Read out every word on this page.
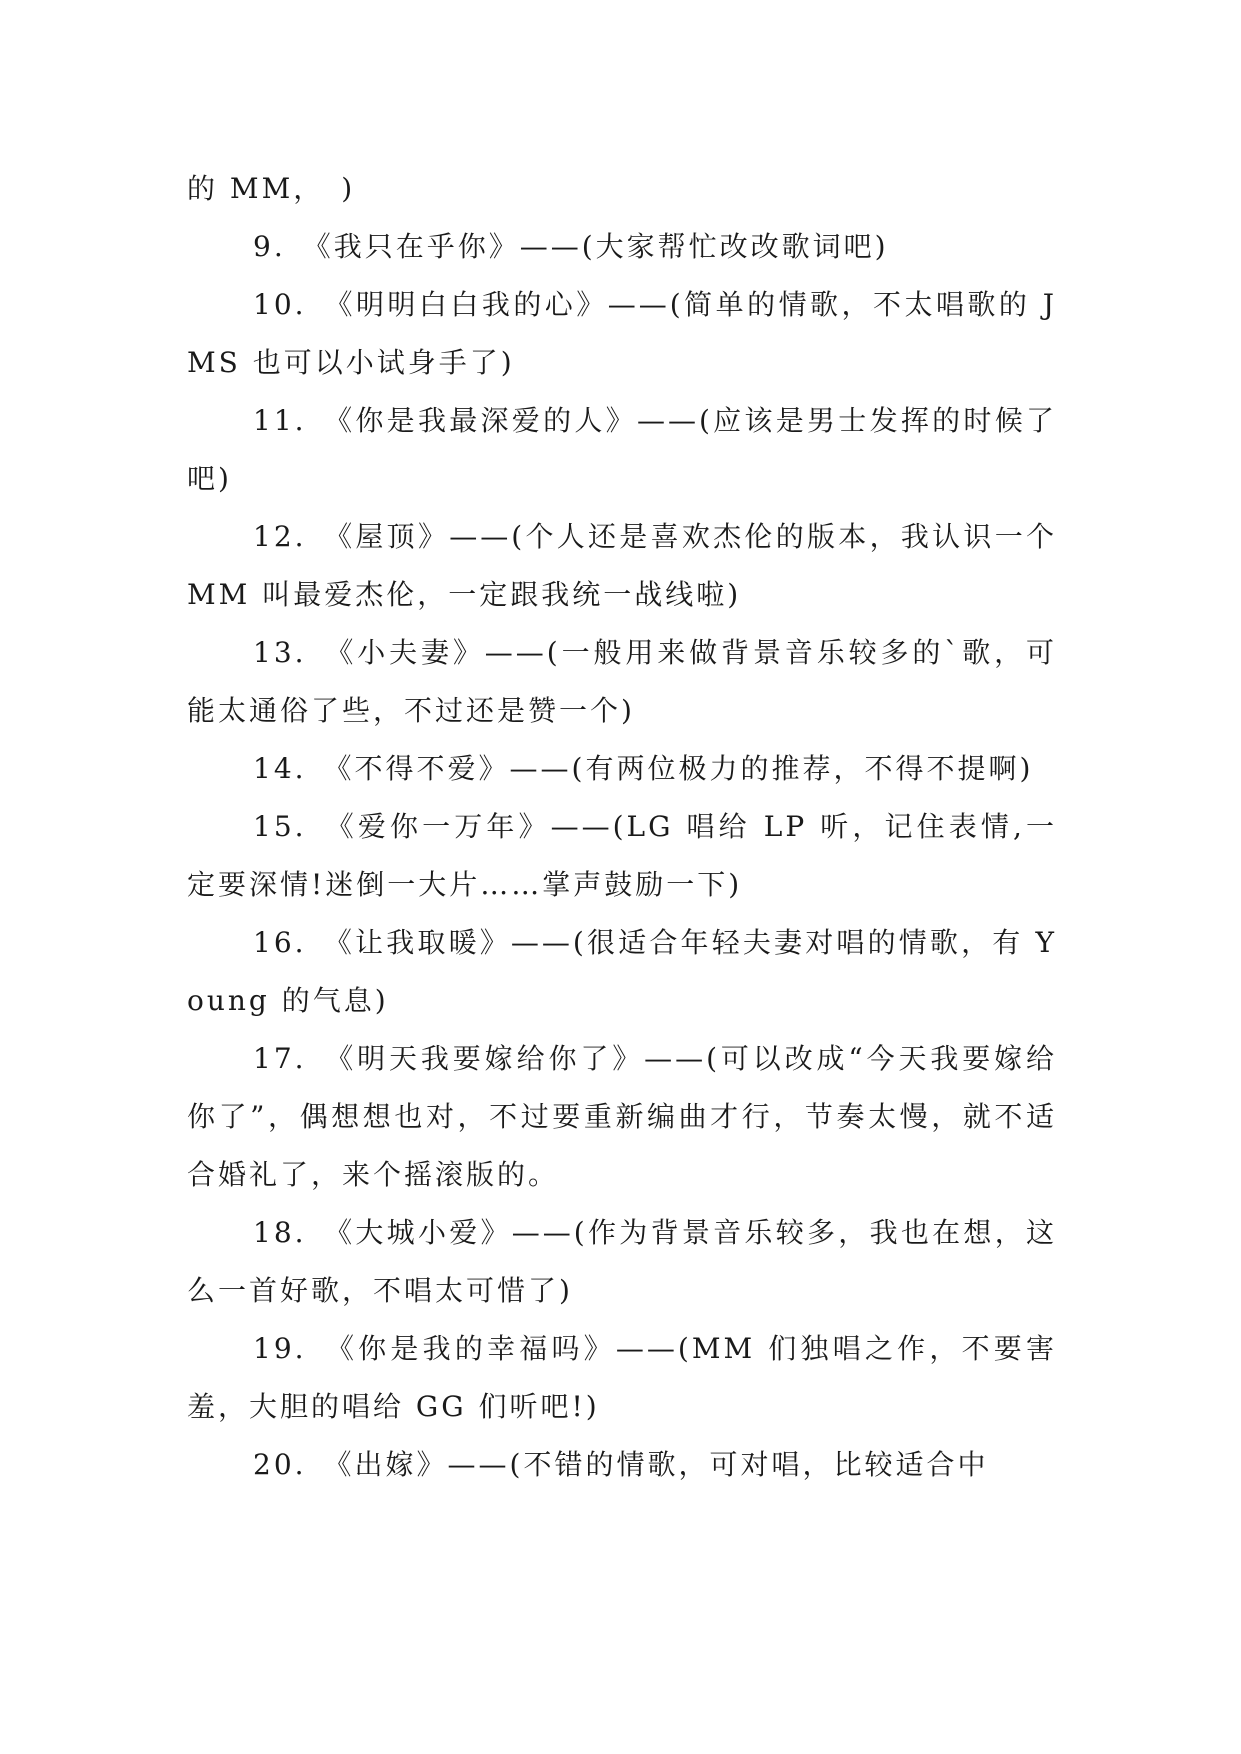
的 MM，　)

9.　《我只在乎你》——(大家帮忙改改歌词吧)

10.　《明明白白我的心》——(简单的情歌，不太唱歌的 JMS 也可以小试身手了)

11.　《你是我最深爱的人》——(应该是男士发挥的时候了吧)

12.　《屋顶》——(个人还是喜欢杰伦的版本，我认识一个 MM 叫最爱杰伦，一定跟我统一战线啦)

13.　《小夫妻》——(一般用来做背景音乐较多的`歌，可能太通俗了些，不过还是赞一个)

14.　《不得不爱》——(有两位极力的推荐，不得不提啊)

15.　《爱你一万年》——(LG 唱给 LP 听，记住表情,一定要深情!迷倒一大片……掌声鼓励一下)

16.　《让我取暖》——(很适合年轻夫妻对唱的情歌，有 Young 的气息)

17.　《明天我要嫁给你了》——(可以改成“今天我要嫁给你了”，偶想想也对，不过要重新编曲才行，节奏太慢，就不适合婚礼了，来个摇滚版的。

18.　《大城小爱》——(作为背景音乐较多，我也在想，这么一首好歌，不唱太可惜了)

19.　《你是我的幸福吗》——(MM 们独唱之作，不要害羞，大胆的唱给 GG 们听吧!)

20.　《出嫁》——(不错的情歌，可对唱，比较适合中
